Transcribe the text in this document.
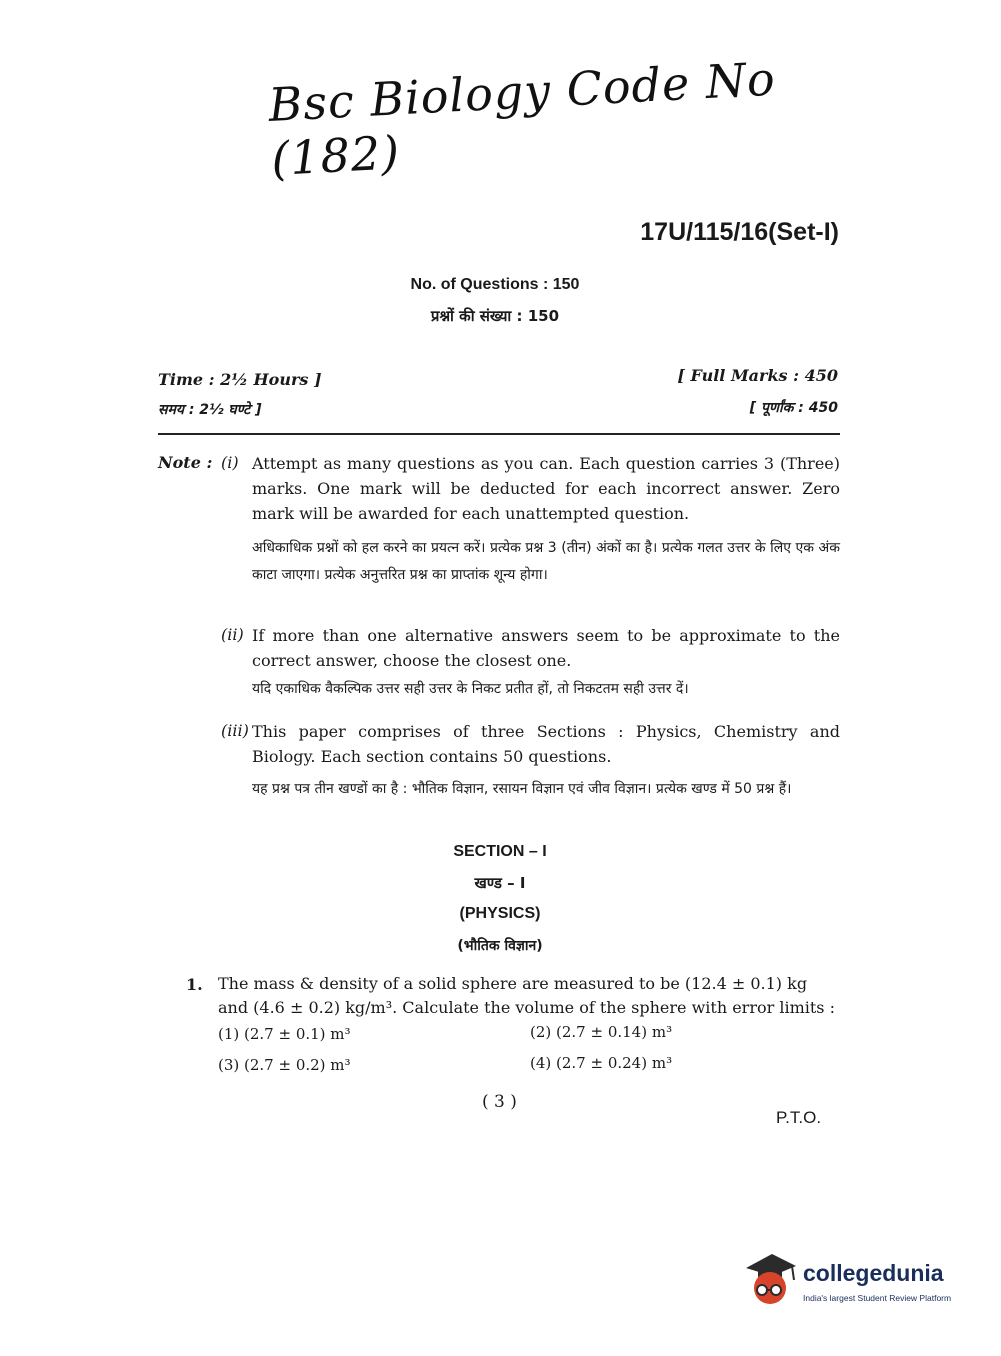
Bsc Biology Code No (182)
17U/115/16(Set-I)
No. of Questions : 150
प्रश्नों की संख्या : 150
Time : 2½ Hours ]
समय : 2½ घण्टे ]
[ Full Marks : 450
[ पूर्णांक : 450
Note : (i) Attempt as many questions as you can. Each question carries 3 (Three) marks. One mark will be deducted for each incorrect answer. Zero mark will be awarded for each unattempted question.
अधिकाधिक प्रश्नों को हल करने का प्रयत्न करें। प्रत्येक प्रश्न 3 (तीन) अंकों का है। प्रत्येक गलत उत्तर के लिए एक अंक काटा जाएगा। प्रत्येक अनुत्तरित प्रश्न का प्राप्तांक शून्य होगा।
(ii) If more than one alternative answers seem to be approximate to the correct answer, choose the closest one.
यदि एकाधिक वैकल्पिक उत्तर सही उत्तर के निकट प्रतीत हों, तो निकटतम सही उत्तर दें।
(iii) This paper comprises of three Sections : Physics, Chemistry and Biology. Each section contains 50 questions.
यह प्रश्न पत्र तीन खण्डों का है : भौतिक विज्ञान, रसायन विज्ञान एवं जीव विज्ञान। प्रत्येक खण्ड में 50 प्रश्न हैं।
SECTION – I
खण्ड – I
(PHYSICS)
(भौतिक विज्ञान)
1. The mass & density of a solid sphere are measured to be (12.4 ± 0.1) kg and (4.6 ± 0.2) kg/m³. Calculate the volume of the sphere with error limits :
(1) (2.7 ± 0.1) m³	(2) (2.7 ± 0.14) m³
(3) (2.7 ± 0.2) m³	(4) (2.7 ± 0.24) m³
( 3 )
P.T.O.
collegedunia
India's largest Student Review Platform
